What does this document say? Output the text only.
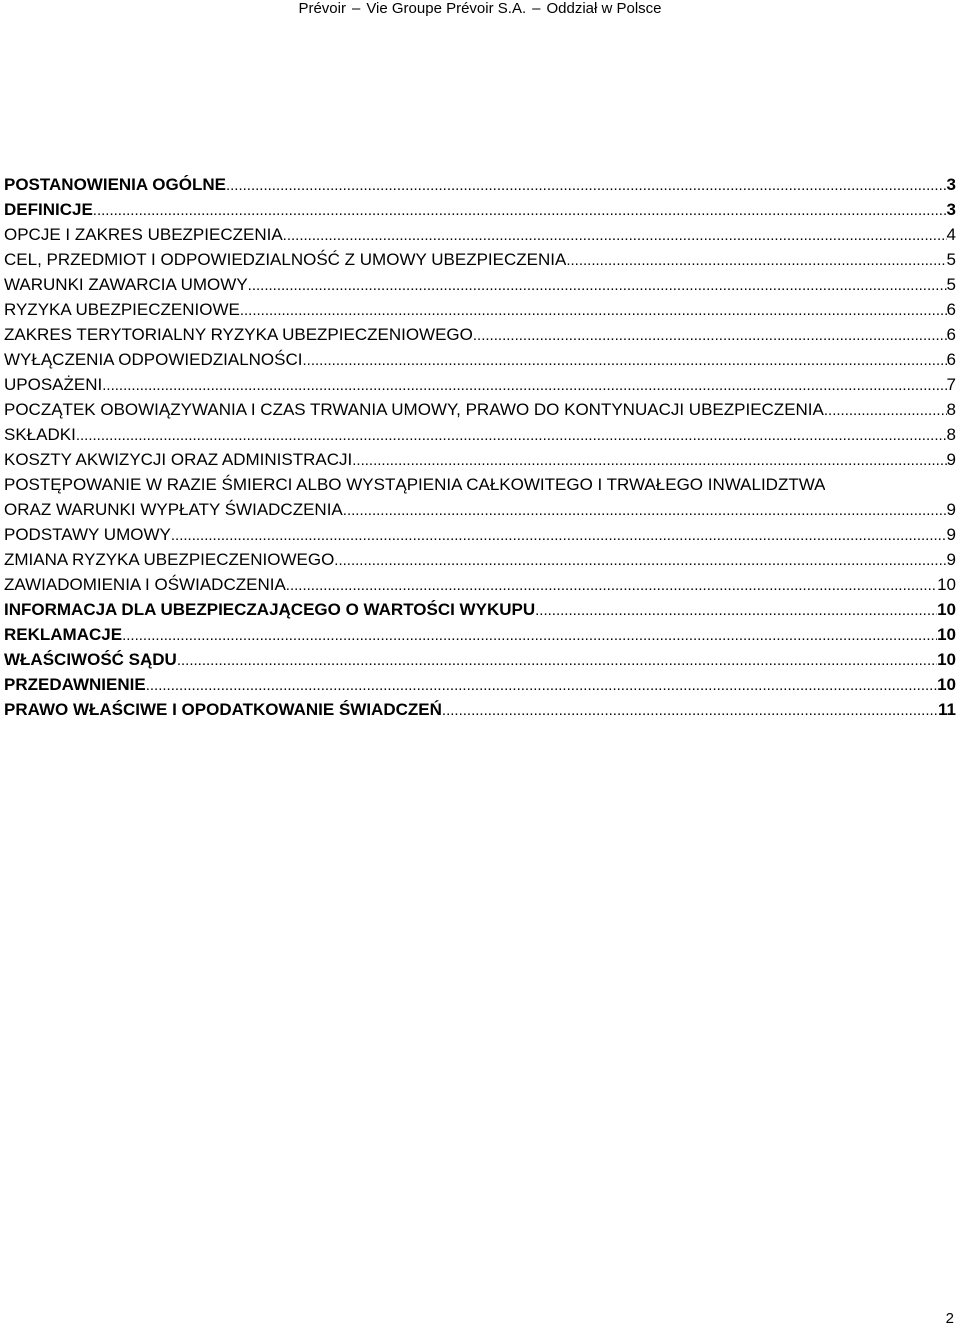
Prévoir – Vie Groupe Prévoir S.A. – Oddział w Polsce
POSTANOWIENIA OGÓLNE .....	3
DEFINICJE .....	3
OPCJE I ZAKRES UBEZPIECZENIA .....	4
CEL, PRZEDMIOT I ODPOWIEDZIALNOŚĆ Z UMOWY UBEZPIECZENIA .....	5
WARUNKI ZAWARCIA UMOWY .....	5
RYZYKA UBEZPIECZENIOWE .....	6
ZAKRES TERYTORIALNY RYZYKA UBEZPIECZENIOWEGO .....	6
WYŁĄCZENIA ODPOWIEDZIALNOŚCI .....	6
UPOSAŻENI .....	7
POCZĄTEK OBOWIĄZYWANIA I CZAS TRWANIA UMOWY, PRAWO DO KONTYNUACJI UBEZPIECZENIA .....	8
SKŁADKI .....	8
KOSZTY AKWIZYCJI ORAZ ADMINISTRACJI .....	9
POSTĘPOWANIE W RAZIE ŚMIERCI ALBO WYSTĄPIENIA CAŁKOWITEGO I TRWAŁEGO INWALIDZTWA
ORAZ WARUNKI WYPŁATY ŚWIADCZENIA .....	9
PODSTAWY UMOWY .....	9
ZMIANA RYZYKA UBEZPIECZENIOWEGO .....	9
ZAWIADOMIENIA I OŚWIADCZENIA .....	10
INFORMACJA DLA UBEZPIECZAJĄCEGO O WARTOŚCI WYKUPU .....	10
REKLAMACJE .....	10
WŁAŚCIWOŚĆ SĄDU .....	10
PRZEDAWNIENIE .....	10
PRAWO WŁAŚCIWE I OPODATKOWANIE ŚWIADCZEŃ .....	11
2
